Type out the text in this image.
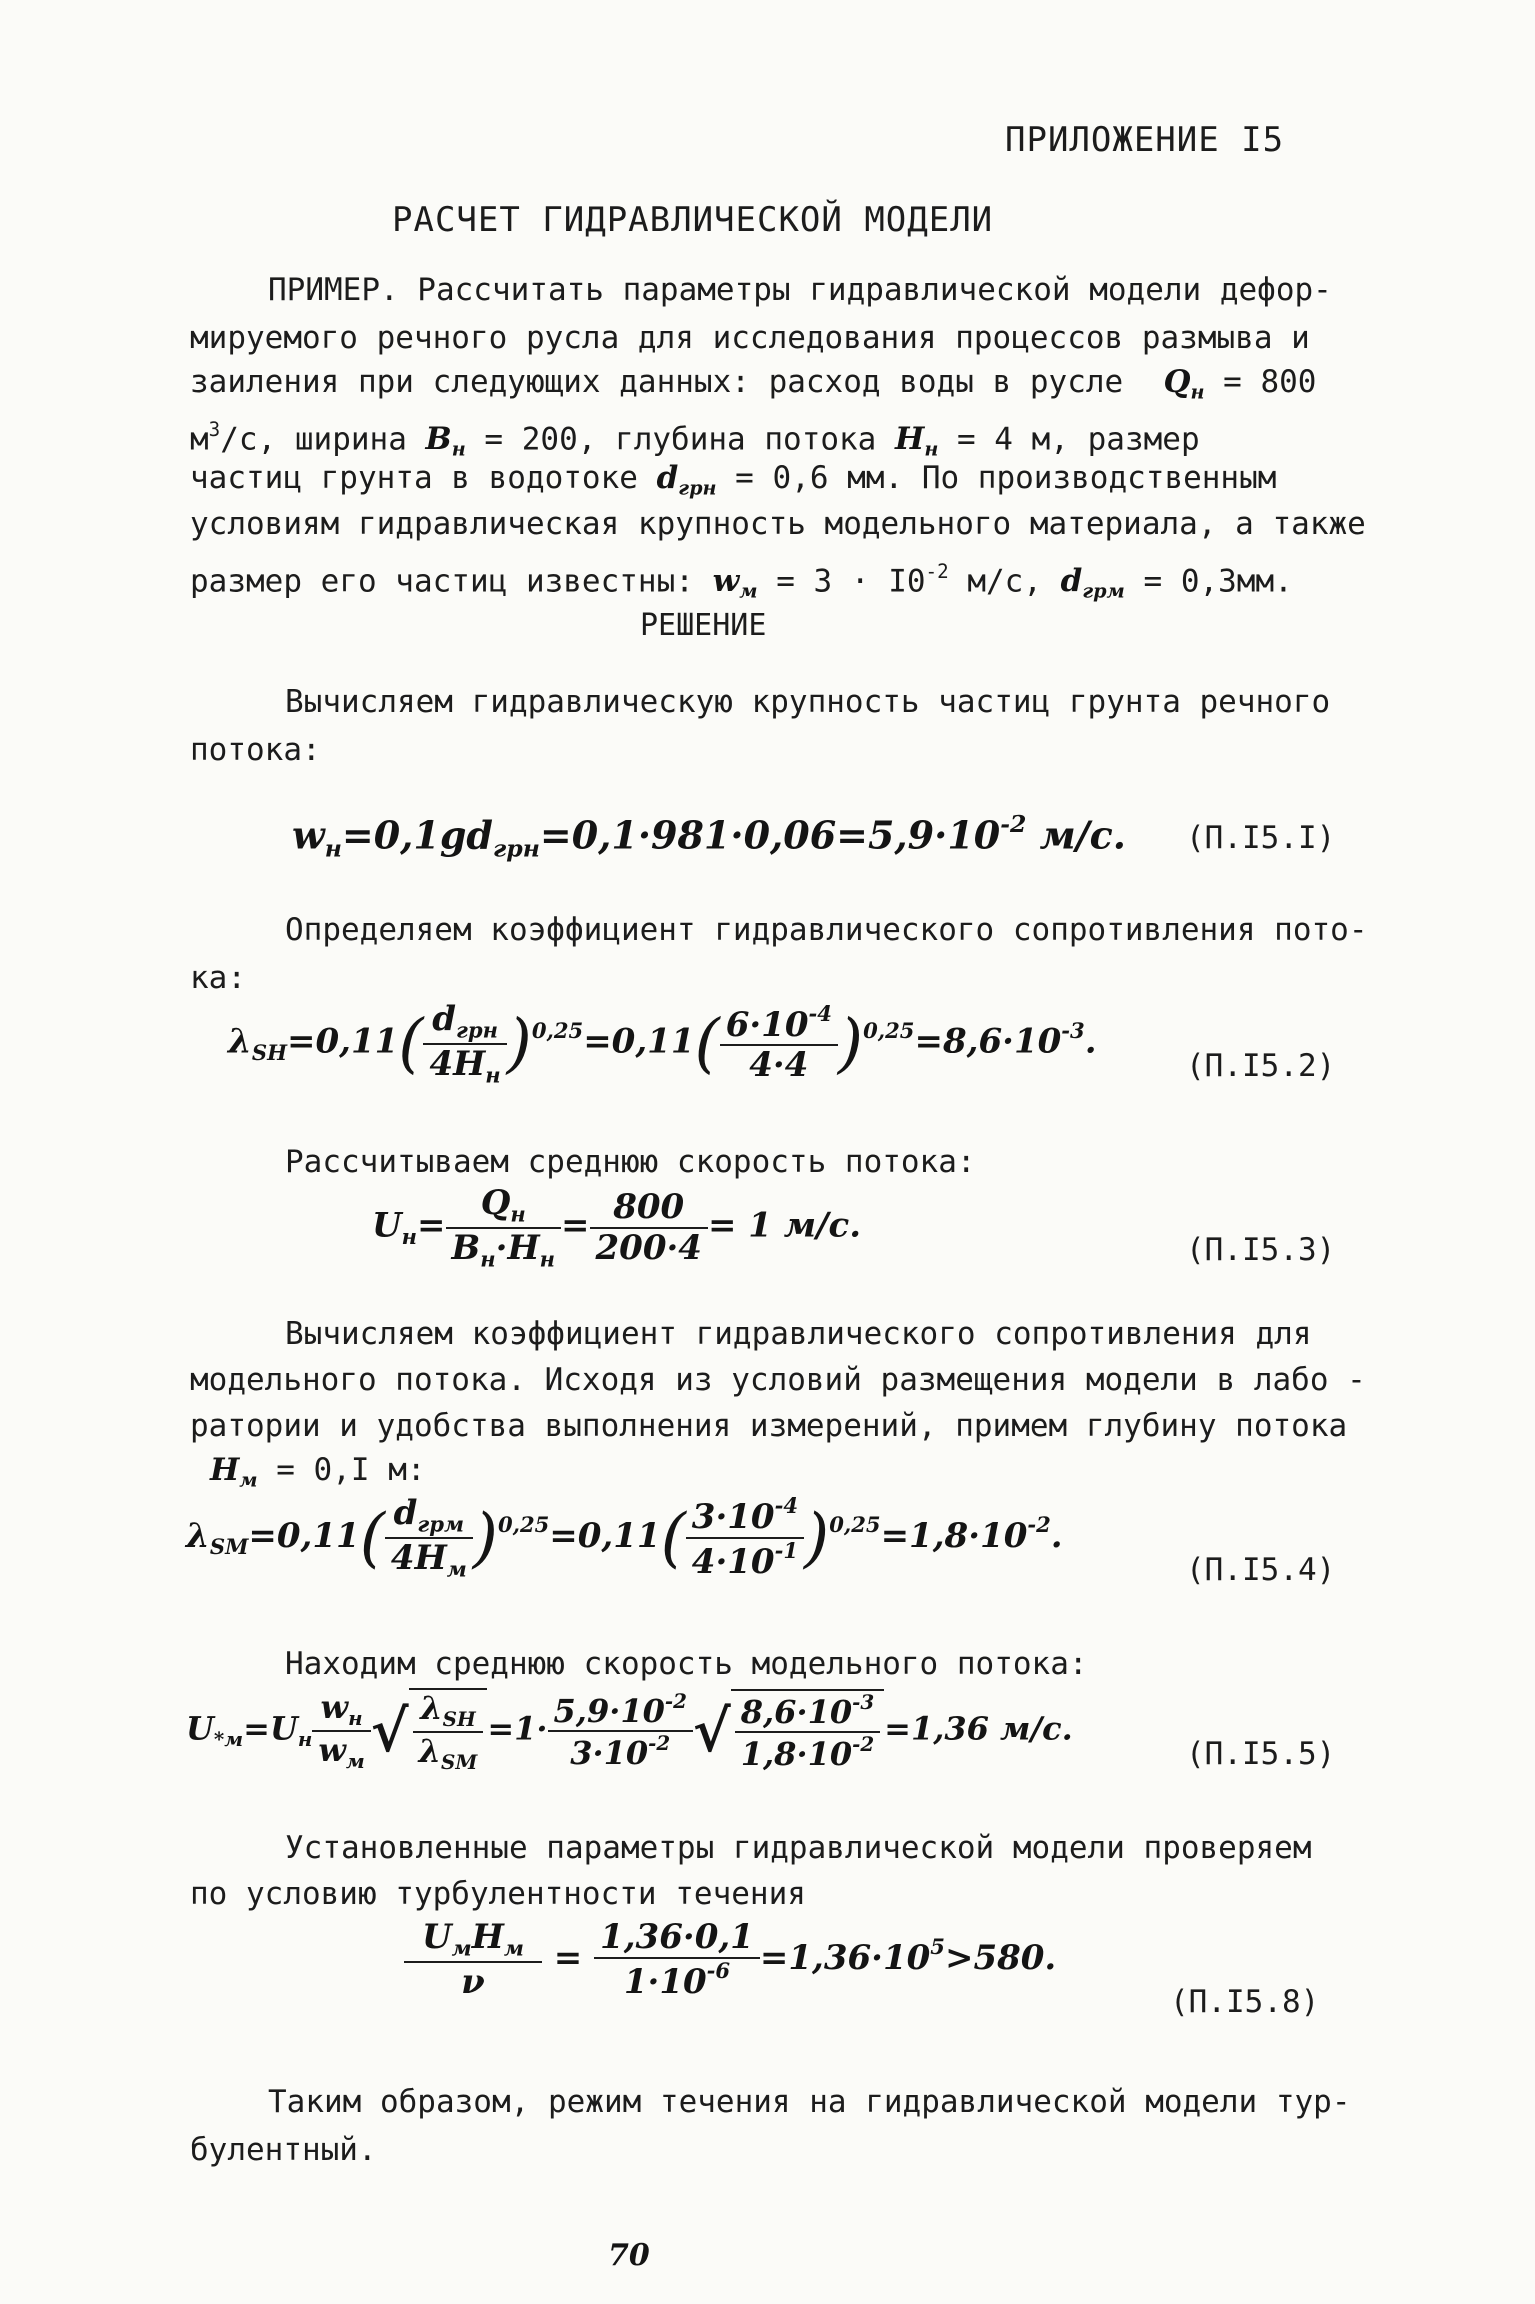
ПРИЛОЖЕНИЕ I5
РАСЧЕТ ГИДРАВЛИЧЕСКОЙ МОДЕЛИ
ПРИМЕР. Рассчитать параметры гидравлической модели дефор-
мируемого речного русла для исследования процессов размыва и
заиления при следующих данных: расход воды в русле $Q_н = 800$
$м^3/с$, ширина $B_н = 200$, глубина потока $H_н = 4$ м, размер
частиц грунта в водотоке $d_{грн} = 0,6$ мм. По производственным
условиям гидравлическая крупность модельного материала, а также
размер его частиц известны: $w_м = 3 \cdot I0^{-2}$ м/с, $d_{грм} = 0,3мм$.
РЕШЕНИЕ
Вычисляем гидравлическую крупность частиц грунта речного
потока:
$w_н=0,1gd_{грн}=0,1\cdot 981\cdot 0,06=5,9\cdot 10^{-2}$ м/с. (П.I5.I)
Определяем коэффициент гидравлического сопротивления пото-
ка:
$\lambda_{SН}=0,11( \frac{d_{грн}}{4H_н} )^{0,25}=0,11( \frac{6\cdot 10^{-4}}{4\cdot 4} )^{0,25}=8,6\cdot 10^{-3}$.
(П.I5.2)
Рассчитываем среднюю скорость потока:
$U_н= \frac{Q_н}{B_н\cdot H_н} = \frac{800}{200\cdot 4} = 1$ м/с.
(П.I5.3)
Вычисляем коэффициент гидравлического сопротивления для
модельного потока. Исходя из условий размещения модели в лабо -
ратории и удобства выполнения измерений, примем глубину потока
$H_м = 0,I$ м:
$\lambda_{SМ}=0,11( \frac{d_{грм}}{4H_м} )^{0,25}=0,11( \frac{3\cdot 10^{-4}}{4\cdot 10^{-1}} )^{0,25}=1,8\cdot 10^{-2}$.
(П.I5.4)
Находим среднюю скорость модельного потока:
$U_{*м}=U_н \frac{w_н}{w_м}$ √ $\frac{\lambda_{SН}}{\lambda_{SМ}} =1\cdot \frac{5,9\cdot 10^{-2}}{3\cdot 10^{-2}}$ √ $\frac{8,6\cdot 10^{-3}}{1,8\cdot 10^{-2}} =1,36$ м/с.
(П.I5.5)
Установленные параметры гидравлической модели проверяем
по условию турбулентности течения
$\frac{U_мH_м}{\nu} = \frac{1,36\cdot 0,1}{1\cdot 10^{-6}} =1,36\cdot 10^5>580$.
(П.I5.8)
Таким образом, режим течения на гидравлической модели тур-
булентный.
70
